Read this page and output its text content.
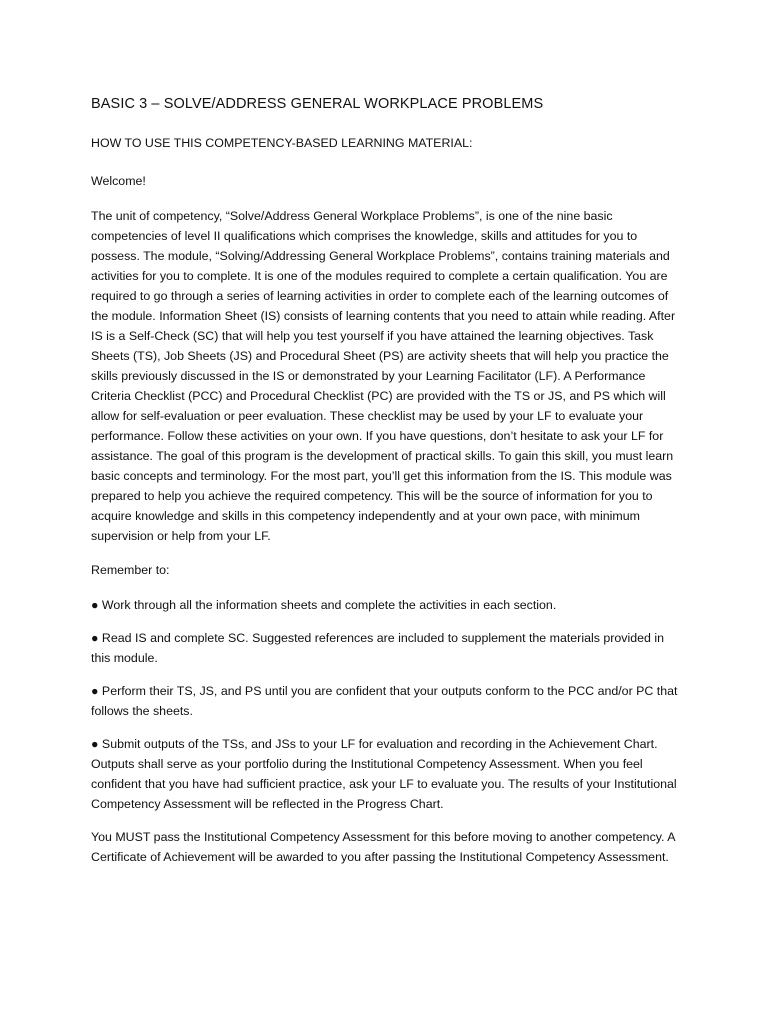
BASIC 3 – SOLVE/ADDRESS GENERAL WORKPLACE PROBLEMS

HOW TO USE THIS COMPETENCY-BASED LEARNING MATERIAL:

Welcome!

The unit of competency, “Solve/Address General Workplace Problems”, is one of the nine basic competencies of level II qualifications which comprises the knowledge, skills and attitudes for you to possess. The module, “Solving/Addressing General Workplace Problems”, contains training materials and activities for you to complete. It is one of the modules required to complete a certain qualification. You are required to go through a series of learning activities in order to complete each of the learning outcomes of the module. Information Sheet (IS) consists of learning contents that you need to attain while reading. After IS is a Self-Check (SC) that will help you test yourself if you have attained the learning objectives. Task Sheets (TS), Job Sheets (JS) and Procedural Sheet (PS) are activity sheets that will help you practice the skills previously discussed in the IS or demonstrated by your Learning Facilitator (LF). A Performance Criteria Checklist (PCC) and Procedural Checklist (PC) are provided with the TS or JS, and PS which will allow for self-evaluation or peer evaluation. These checklist may be used by your LF to evaluate your performance. Follow these activities on your own. If you have questions, don’t hesitate to ask your LF for assistance. The goal of this program is the development of practical skills. To gain this skill, you must learn basic concepts and terminology. For the most part, you’ll get this information from the IS. This module was prepared to help you achieve the required competency. This will be the source of information for you to acquire knowledge and skills in this competency independently and at your own pace, with minimum supervision or help from your LF.

Remember to:

● Work through all the information sheets and complete the activities in each section.

● Read IS and complete SC. Suggested references are included to supplement the materials provided in this module.

● Perform their TS, JS, and PS until you are confident that your outputs conform to the PCC and/or PC that follows the sheets.

● Submit outputs of the TSs, and JSs to your LF for evaluation and recording in the Achievement Chart. Outputs shall serve as your portfolio during the Institutional Competency Assessment. When you feel confident that you have had sufficient practice, ask your LF to evaluate you. The results of your Institutional Competency Assessment will be reflected in the Progress Chart.

You MUST pass the Institutional Competency Assessment for this before moving to another competency. A Certificate of Achievement will be awarded to you after passing the Institutional Competency Assessment.
